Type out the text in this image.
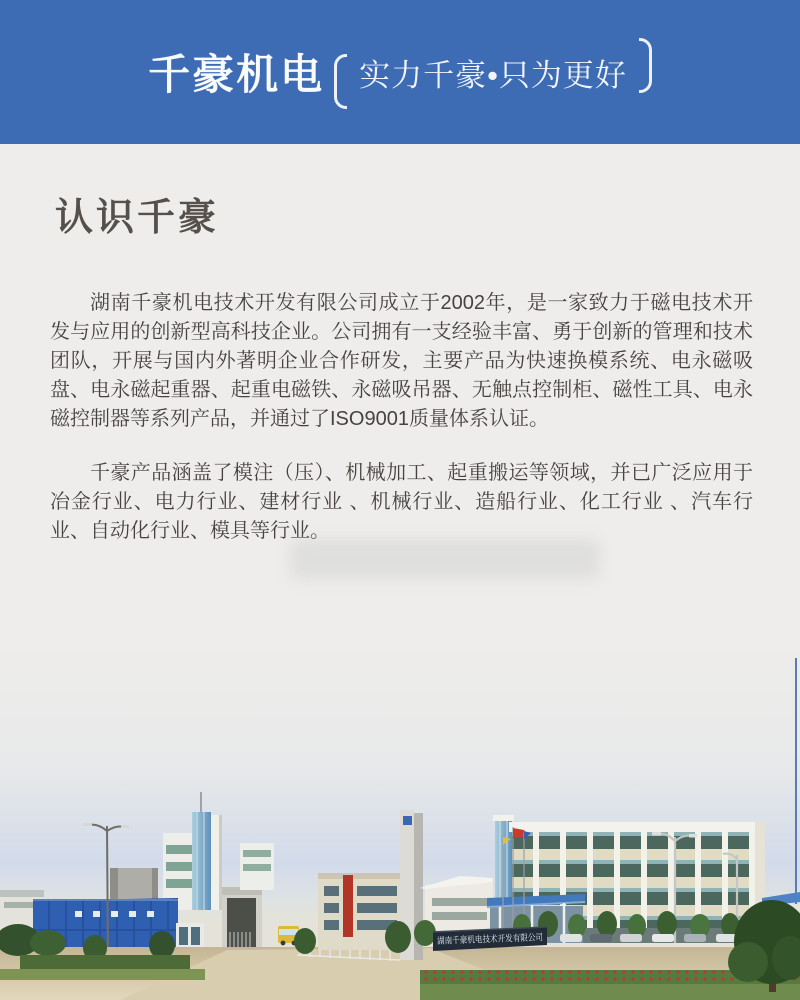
千豪机电	实力千豪•只为更好
认识千豪

湖南千豪机电技术开发有限公司成立于2002年，是一家致力于磁电技术开发与应用的创新型高科技企业。公司拥有一支经验丰富、勇于创新的管理和技术团队，开展与国内外著明企业合作研发，主要产品为快速换模系统、电永磁吸盘、电永磁起重器、起重电磁铁、永磁吸吊器、无触点控制柜、磁性工具、电永磁控制器等系列产品，并通过了ISO9001质量体系认证。

千豪产品涵盖了模注（压）、机械加工、起重搬运等领域，并已广泛应用于冶金行业、电力行业、建材行业 、机械行业、造船行业、化工行业 、汽车行业、自动化行业、模具等行业。

湖南千豪机电技术开发有限公司
